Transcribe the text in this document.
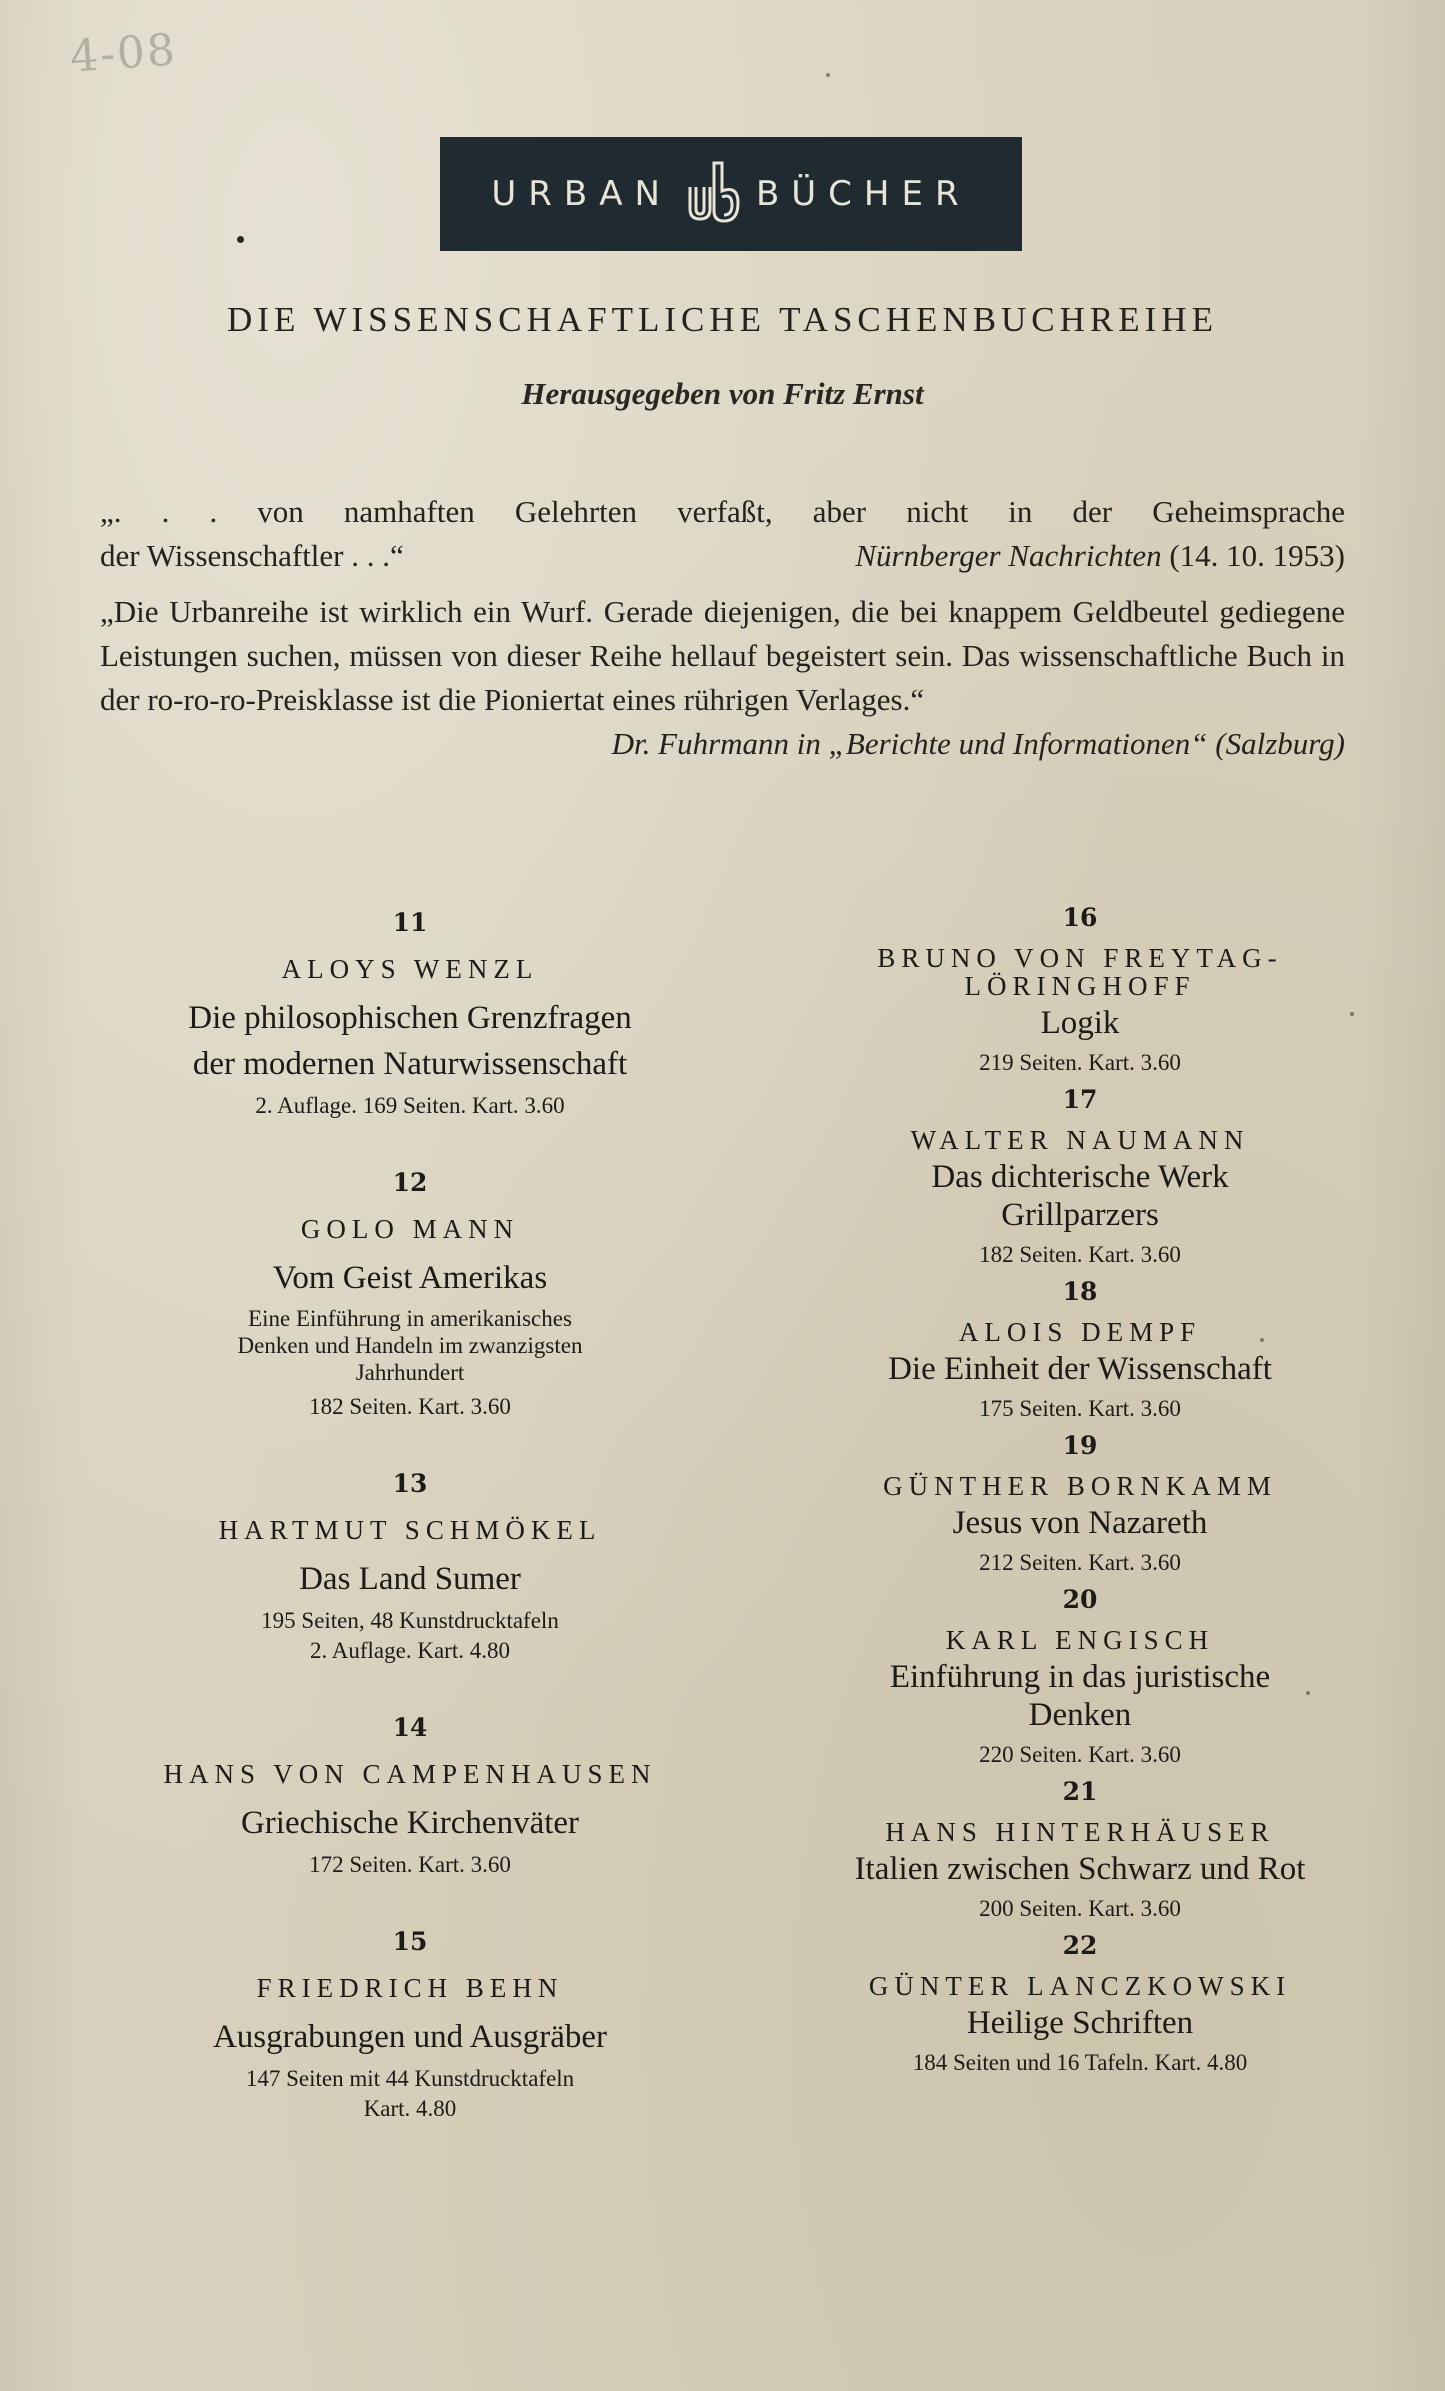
4-08
URBAN BÜCHER
DIE WISSENSCHAFTLICHE TASCHENBUCHREIHE
Herausgegeben von Fritz Ernst
„. . . von namhaften Gelehrten verfaßt, aber nicht in der Geheimsprache
der Wissenschaftler . . .“	Nürnberger Nachrichten (14. 10. 1953)
„Die Urbanreihe ist wirklich ein Wurf. Gerade diejenigen, die bei knappem Geldbeutel gediegene Leistungen suchen, müssen von dieser Reihe hellauf begeistert sein. Das wissenschaftliche Buch in der ro-ro-ro-Preisklasse ist die Pioniertat eines rührigen Verlages.“
Dr. Fuhrmann in „Berichte und Informationen“ (Salzburg)
11
ALOYS WENZL
Die philosophischen Grenzfragen
der modernen Naturwissenschaft
2. Auflage. 169 Seiten. Kart. 3.60
12
GOLO MANN
Vom Geist Amerikas
Eine Einführung in amerikanisches
Denken und Handeln im zwanzigsten
Jahrhundert
182 Seiten. Kart. 3.60
13
HARTMUT SCHMÖKEL
Das Land Sumer
195 Seiten, 48 Kunstdrucktafeln
2. Auflage. Kart. 4.80
14
HANS VON CAMPENHAUSEN
Griechische Kirchenväter
172 Seiten. Kart. 3.60
15
FRIEDRICH BEHN
Ausgrabungen und Ausgräber
147 Seiten mit 44 Kunstdrucktafeln
Kart. 4.80
16
BRUNO VON FREYTAG-
LÖRINGHOFF
Logik
219 Seiten. Kart. 3.60
17
WALTER NAUMANN
Das dichterische Werk
Grillparzers
182 Seiten. Kart. 3.60
18
ALOIS DEMPF
Die Einheit der Wissenschaft
175 Seiten. Kart. 3.60
19
GÜNTHER BORNKAMM
Jesus von Nazareth
212 Seiten. Kart. 3.60
20
KARL ENGISCH
Einführung in das juristische
Denken
220 Seiten. Kart. 3.60
21
HANS HINTERHÄUSER
Italien zwischen Schwarz und Rot
200 Seiten. Kart. 3.60
22
GÜNTER LANCZKOWSKI
Heilige Schriften
184 Seiten und 16 Tafeln. Kart. 4.80
